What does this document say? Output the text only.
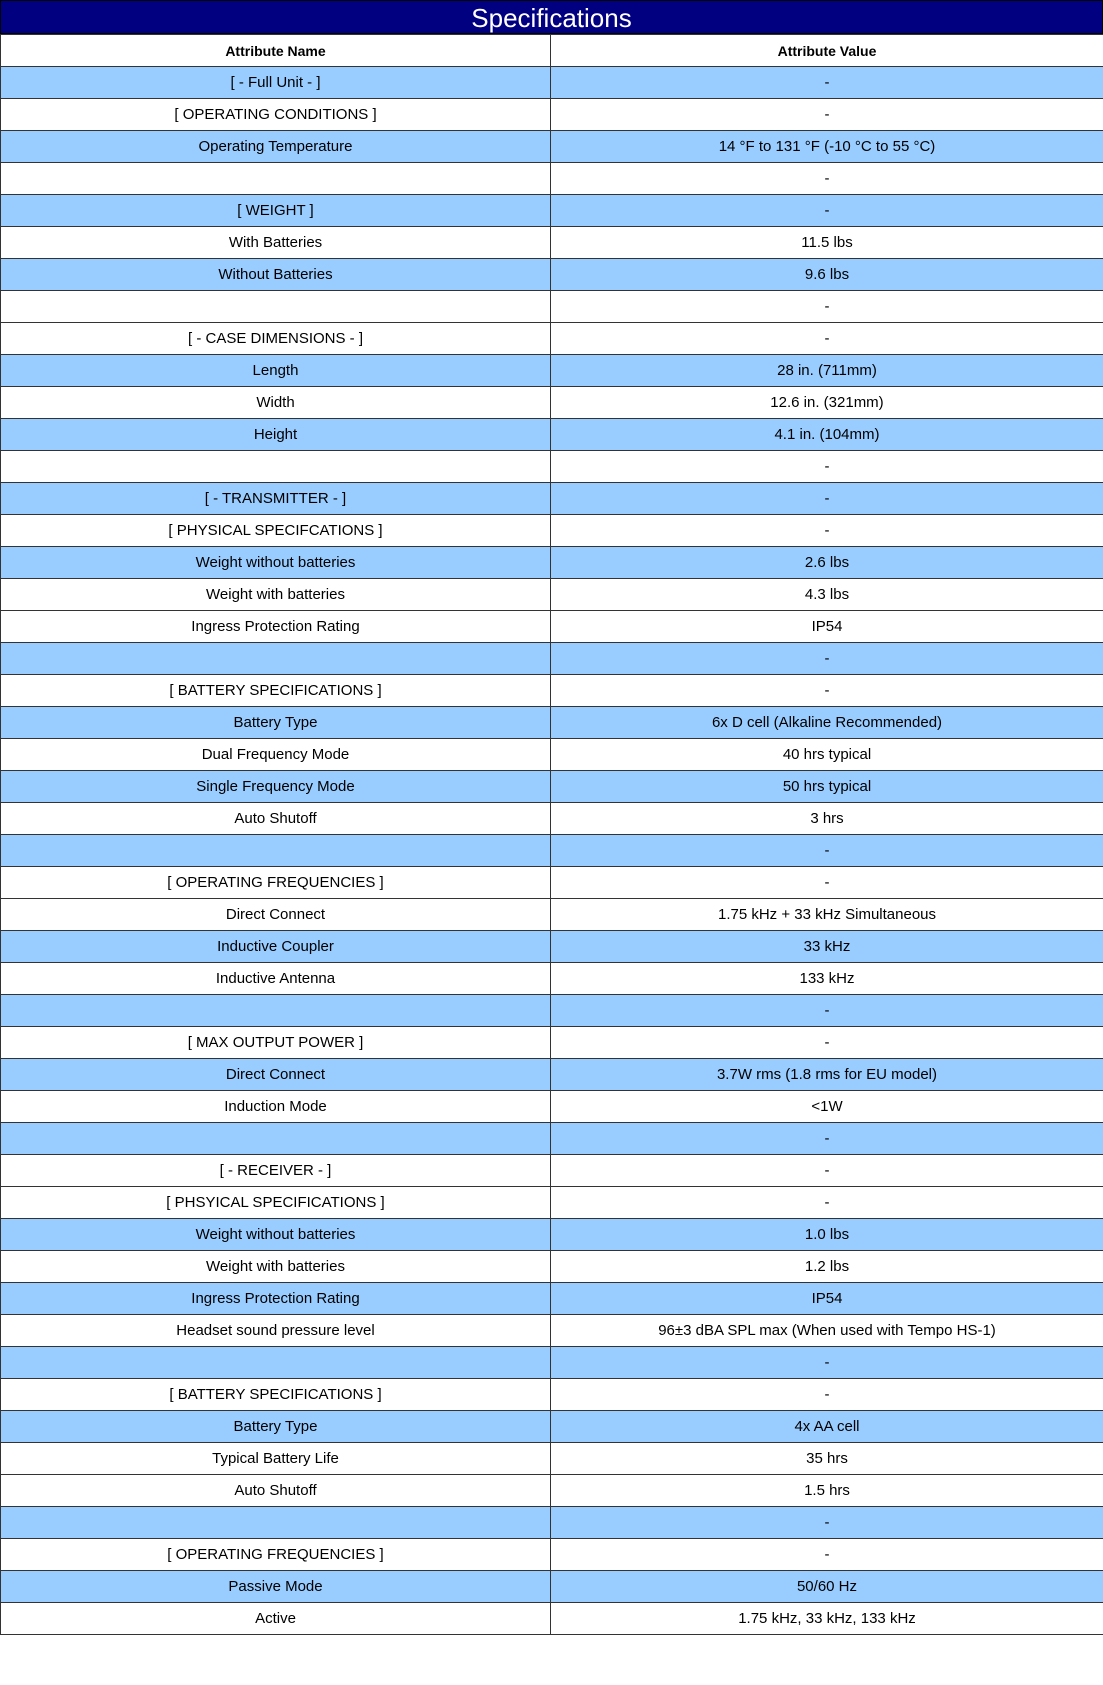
Specifications
Attribute Name	Attribute Value
[ - Full Unit - ]	-
[ OPERATING CONDITIONS ]	-
Operating Temperature	14 °F to 131 °F (-10 °C to 55 °C)
	-
[ WEIGHT ]	-
With Batteries	11.5 lbs
Without Batteries	9.6 lbs
	-
[ - CASE DIMENSIONS - ]	-
Length	28 in. (711mm)
Width	12.6 in. (321mm)
Height	4.1 in. (104mm)
	-
[ - TRANSMITTER - ]	-
[ PHYSICAL SPECIFCATIONS ]	-
Weight without batteries	2.6 lbs
Weight with batteries	4.3 lbs
Ingress Protection Rating	IP54
	-
[ BATTERY SPECIFICATIONS ]	-
Battery Type	6x D cell (Alkaline Recommended)
Dual Frequency Mode	40 hrs typical
Single Frequency Mode	50 hrs typical
Auto Shutoff	3 hrs
	-
[ OPERATING FREQUENCIES ]	-
Direct Connect	1.75 kHz + 33 kHz Simultaneous
Inductive Coupler	33 kHz
Inductive Antenna	133 kHz
	-
[ MAX OUTPUT POWER ]	-
Direct Connect	3.7W rms (1.8 rms for EU model)
Induction Mode	<1W
	-
[ - RECEIVER - ]	-
[ PHSYICAL SPECIFICATIONS ]	-
Weight without batteries	1.0 lbs
Weight with batteries	1.2 lbs
Ingress Protection Rating	IP54
Headset sound pressure level	96±3 dBA SPL max (When used with Tempo HS-1)
	-
[ BATTERY SPECIFICATIONS ]	-
Battery Type	4x AA cell
Typical Battery Life	35 hrs
Auto Shutoff	1.5 hrs
	-
[ OPERATING FREQUENCIES ]	-
Passive Mode	50/60 Hz
Active	1.75 kHz, 33 kHz, 133 kHz
